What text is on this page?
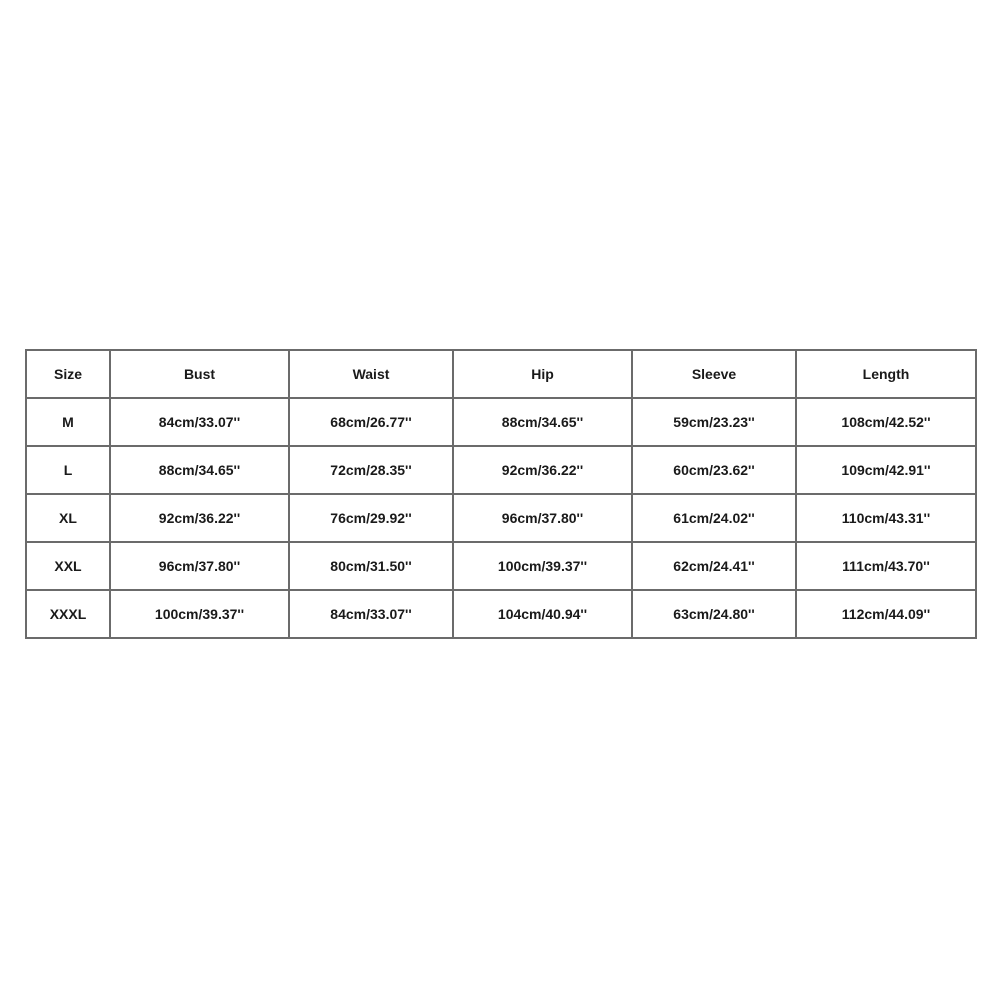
Size	Bust	Waist	Hip	Sleeve	Length
M	84cm/33.07''	68cm/26.77''	88cm/34.65''	59cm/23.23''	108cm/42.52''
L	88cm/34.65''	72cm/28.35''	92cm/36.22''	60cm/23.62''	109cm/42.91''
XL	92cm/36.22''	76cm/29.92''	96cm/37.80''	61cm/24.02''	110cm/43.31''
XXL	96cm/37.80''	80cm/31.50''	100cm/39.37''	62cm/24.41''	111cm/43.70''
XXXL	100cm/39.37''	84cm/33.07''	104cm/40.94''	63cm/24.80''	112cm/44.09''
